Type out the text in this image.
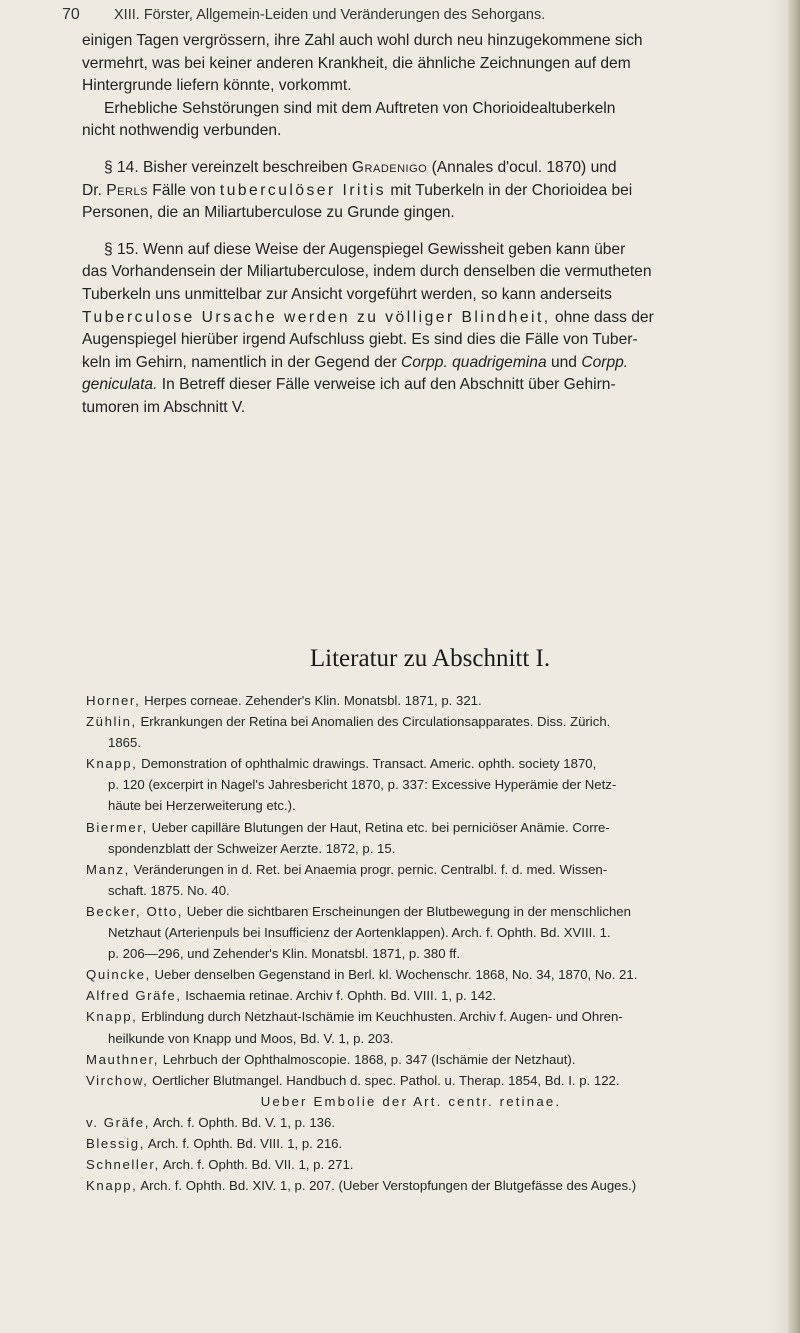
70 XIII. Förster, Allgemein-Leiden und Veränderungen des Sehorgans.

einigen Tagen vergrössern, ihre Zahl auch wohl durch neu hinzugekommene sich
vermehrt, was bei keiner anderen Krankheit, die ähnliche Zeichnungen auf dem
Hintergrunde liefern könnte, vorkommt.

Erhebliche Sehstörungen sind mit dem Auftreten von Chorioidealtuberkeln
nicht nothwendig verbunden.

§ 14. Bisher vereinzelt beschreiben Gradenigo (Annales d'ocul. 1870) und
Dr. Perls Fälle von tuberculöser Iritis mit Tuberkeln in der Chorioidea bei
Personen, die an Miliartuberculose zu Grunde gingen.

§ 15. Wenn auf diese Weise der Augenspiegel Gewissheit geben kann über
das Vorhandensein der Miliartuberculose, indem durch denselben die vermutheten
Tuberkeln uns unmittelbar zur Ansicht vorgeführt werden, so kann anderseits
Tuberculose Ursache werden zu völliger Blindheit, ohne dass der
Augenspiegel hierüber irgend Aufschluss giebt. Es sind dies die Fälle von Tuber-
keln im Gehirn, namentlich in der Gegend der Corpp. quadrigemina und Corpp.
geniculata. In Betreff dieser Fälle verweise ich auf den Abschnitt über Gehirn-
tumoren im Abschnitt V.

Literatur zu Abschnitt I.
Horner, Herpes corneae. Zehender's Klin. Monatsbl. 1871, p. 321.
Zühlin, Erkrankungen der Retina bei Anomalien des Circulationsapparates. Diss. Zürich.
1865.
Knapp, Demonstration of ophthalmic drawings. Transact. Americ. ophth. society 1870,
p. 120 (excerpirt in Nagel's Jahresbericht 1870, p. 337: Excessive Hyperämie der Netz-
häute bei Herzerweiterung etc.).
Biermer, Ueber capilläre Blutungen der Haut, Retina etc. bei perniciöser Anämie. Corre-
spondenzblatt der Schweizer Aerzte. 1872, p. 15.
Manz, Veränderungen in d. Ret. bei Anaemia progr. pernic. Centralbl. f. d. med. Wissen-
schaft. 1875. No. 40.
Becker, Otto, Ueber die sichtbaren Erscheinungen der Blutbewegung in der menschlichen
Netzhaut (Arterienpuls bei Insufficienz der Aortenklappen). Arch. f. Ophth. Bd. XVIII. 1.
p. 206—296, und Zehender's Klin. Monatsbl. 1871, p. 380 ff.
Quincke, Ueber denselben Gegenstand in Berl. kl. Wochenschr. 1868, No. 34, 1870, No. 21.
Alfred Gräfe, Ischaemia retinae. Archiv f. Ophth. Bd. VIII. 1, p. 142.
Knapp, Erblindung durch Netzhaut-Ischämie im Keuchhusten. Archiv f. Augen- und Ohren-
heilkunde von Knapp und Moos, Bd. V. 1, p. 203.
Mauthner, Lehrbuch der Ophthalmoscopie. 1868, p. 347 (Ischämie der Netzhaut).
Virchow, Oertlicher Blutmangel. Handbuch d. spec. Pathol. u. Therap. 1854, Bd. I. p. 122.
Ueber Embolie der Art. centr. retinae.
v. Gräfe, Arch. f. Ophth. Bd. V. 1, p. 136.
Blessig, Arch. f. Ophth. Bd. VIII. 1, p. 216.
Schneller, Arch. f. Ophth. Bd. VII. 1, p. 271.
Knapp, Arch. f. Ophth. Bd. XIV. 1, p. 207. (Ueber Verstopfungen der Blutgefässe des Auges.)
